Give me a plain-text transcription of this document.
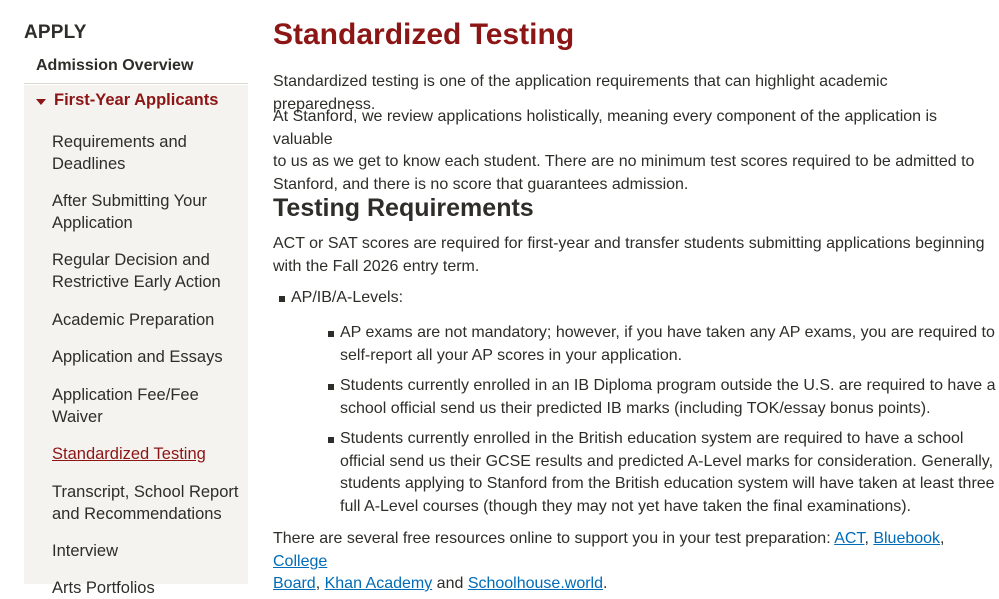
APPLY
Admission Overview
First-Year Applicants
Requirements and
Deadlines
After Submitting Your
Application
Regular Decision and
Restrictive Early Action
Academic Preparation
Application and Essays
Application Fee/Fee
Waiver
Standardized Testing
Transcript, School Report
and Recommendations
Interview
Arts Portfolios
Standardized Testing
Standardized testing is one of the application requirements that can highlight academic preparedness.
At Stanford, we review applications holistically, meaning every component of the application is valuable
to us as we get to know each student. There are no minimum test scores required to be admitted to
Stanford, and there is no score that guarantees admission.
Testing Requirements
ACT or SAT scores are required for first-year and transfer students submitting applications beginning
with the Fall 2026 entry term.
AP/IB/A-Levels:
AP exams are not mandatory; however, if you have taken any AP exams, you are required to
self-report all your AP scores in your application.
Students currently enrolled in an IB Diploma program outside the U.S. are required to have a
school official send us their predicted IB marks (including TOK/essay bonus points).
Students currently enrolled in the British education system are required to have a school
official send us their GCSE results and predicted A-Level marks for consideration. Generally,
students applying to Stanford from the British education system will have taken at least three
full A-Level courses (though they may not yet have taken the final examinations).
There are several free resources online to support you in your test preparation: ACT, Bluebook, College
Board, Khan Academy and Schoolhouse.world.
